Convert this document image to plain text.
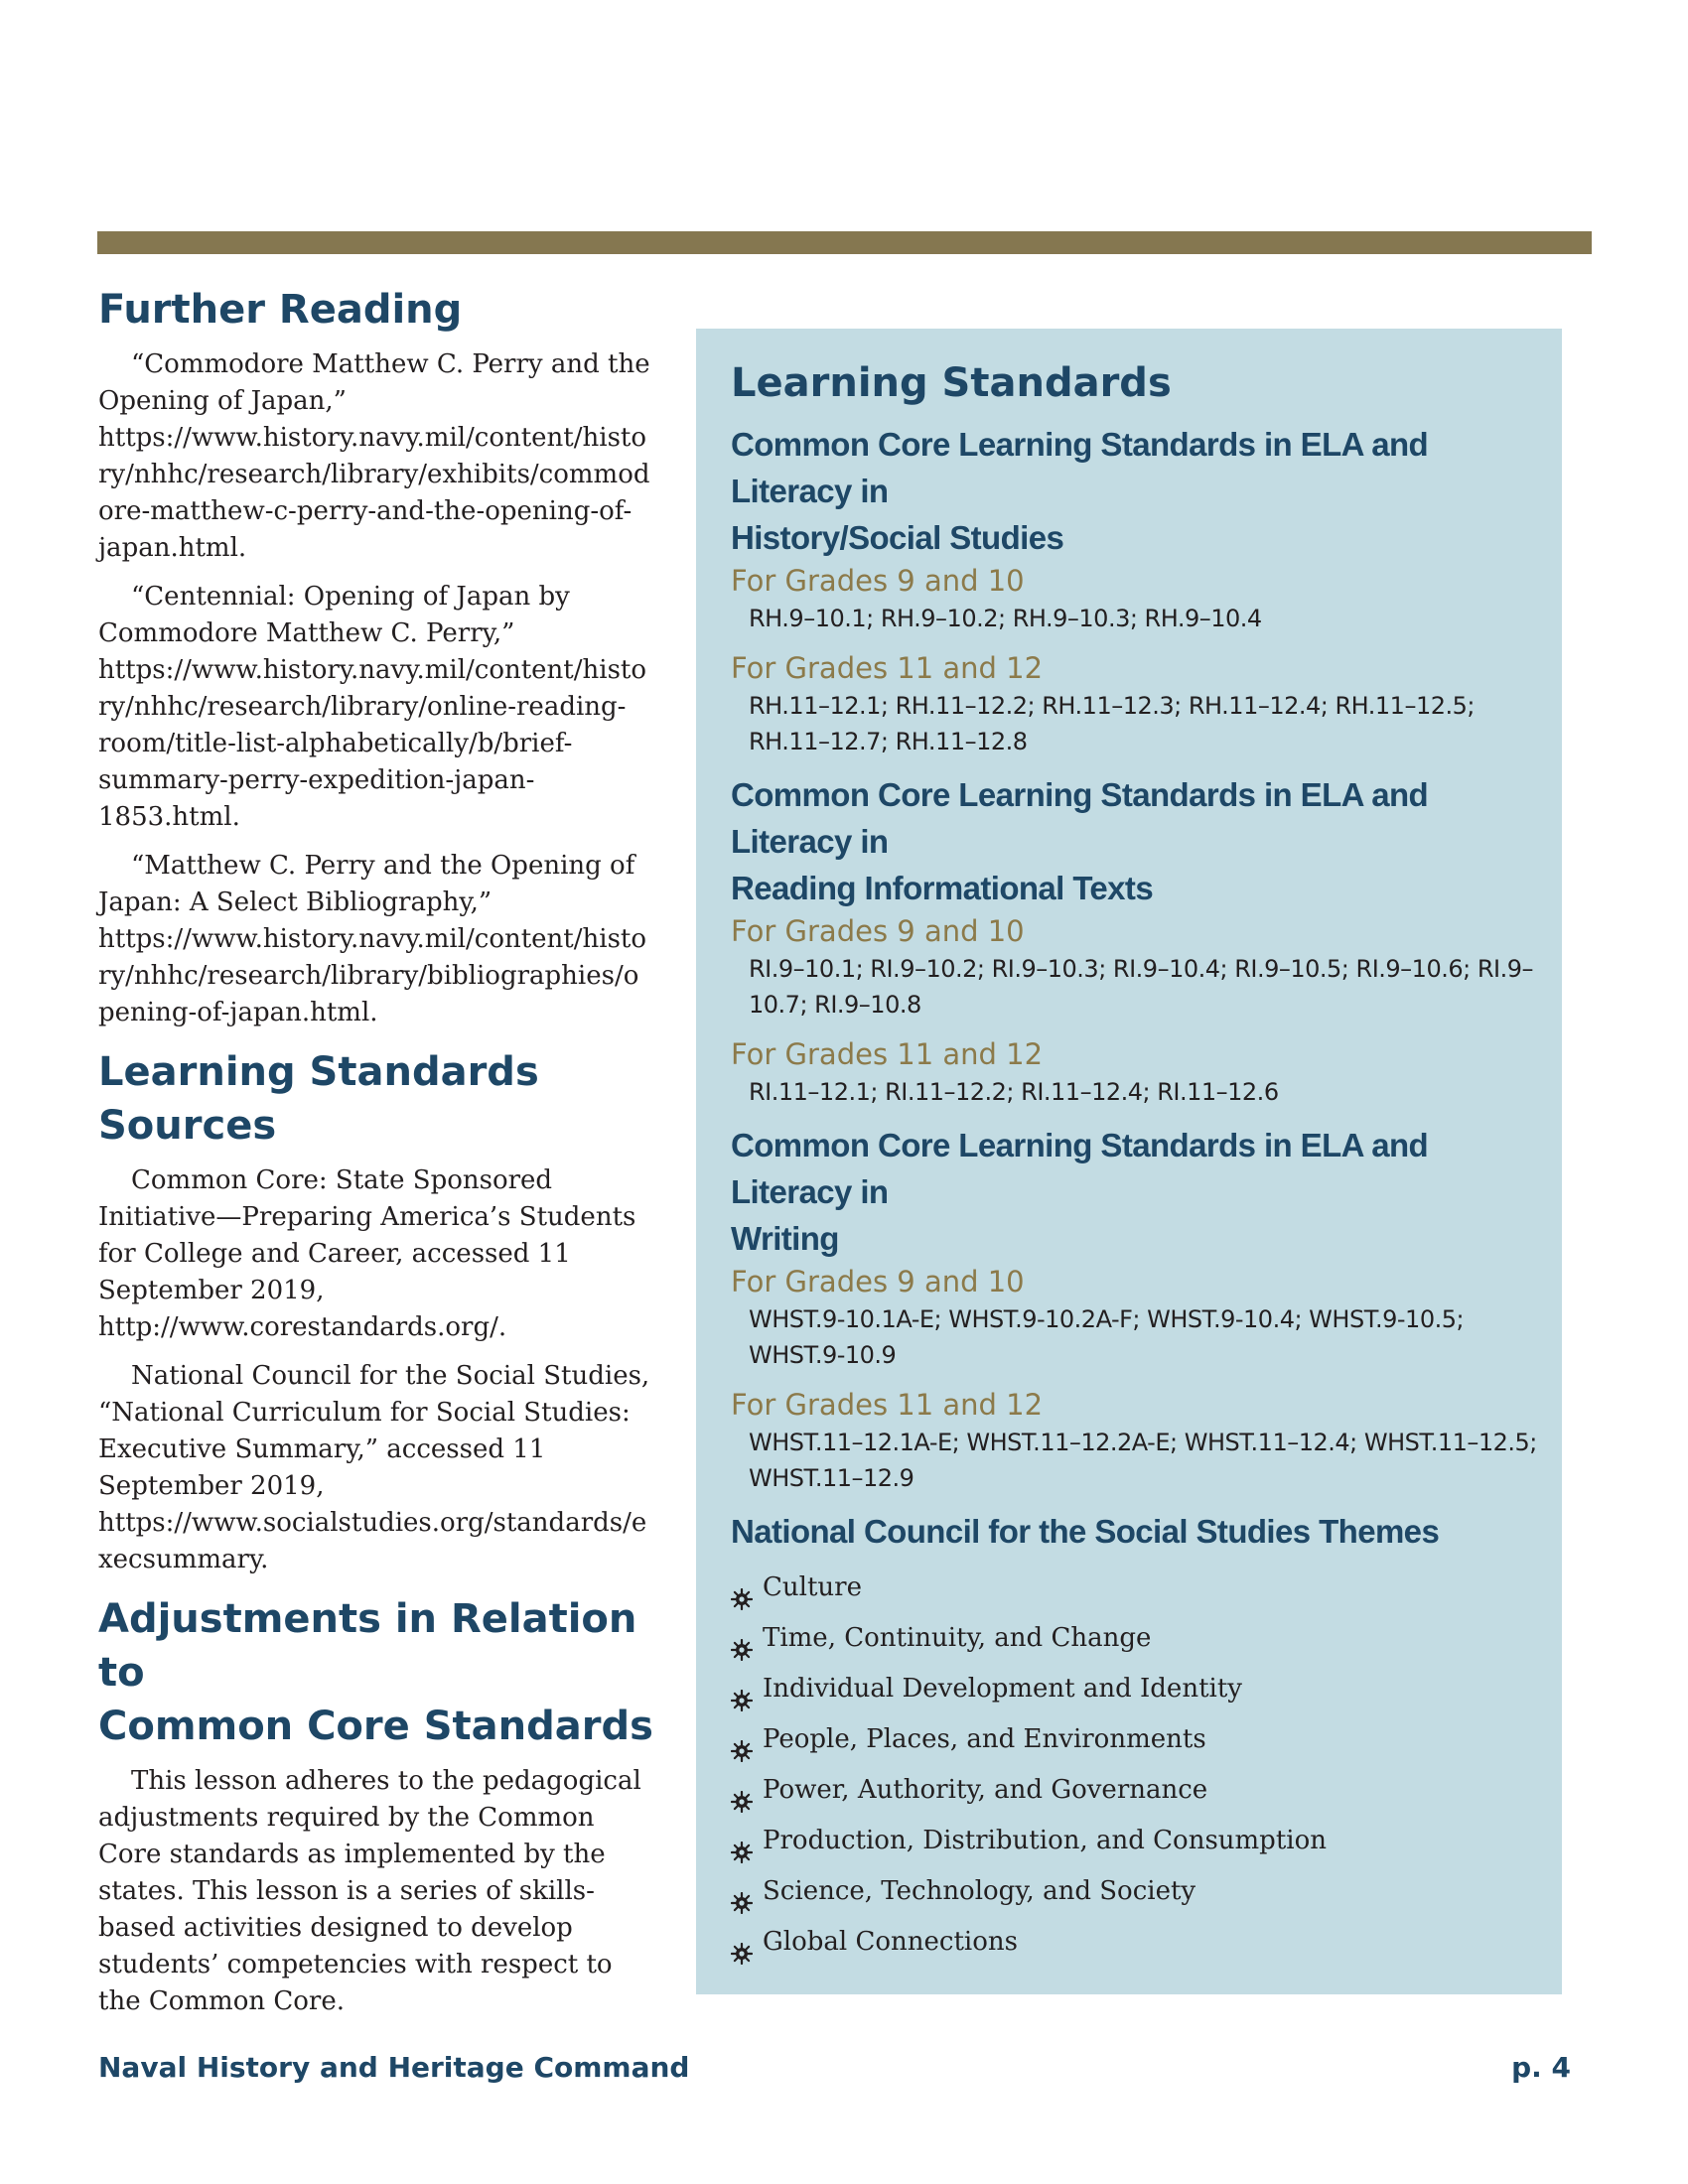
Further Reading

“Commodore Matthew C. Perry and the Opening of Japan,” https://www.history.navy.mil/content/history/nhhc/research/library/exhibits/commodore-matthew-c-perry-and-the-opening-of-japan.html.

“Centennial: Opening of Japan by Commodore Matthew C. Perry,” https://www.history.navy.mil/content/history/nhhc/research/library/online-reading-room/title-list-alphabetically/b/brief-summary-perry-expedition-japan-1853.html.

“Matthew C. Perry and the Opening of Japan: A Select Bibliography,” https://www.history.navy.mil/content/history/nhhc/research/library/bibliographies/opening-of-japan.html.

Learning Standards
Sources

Common Core: State Sponsored Initiative—Preparing America’s Students for College and Career, accessed 11 September 2019, http://www.corestandards.org/.

National Council for the Social Studies, “National Curriculum for Social Studies: Executive Summary,” accessed 11 September 2019, https://www.socialstudies.org/standards/execsummary.

Adjustments in Relation to
Common Core Standards

This lesson adheres to the pedagogical adjustments required by the Common Core standards as implemented by the states. This lesson is a series of skills-based activities designed to develop students’ competencies with respect to the Common Core.

Learning Standards

Common Core Learning Standards in ELA and Literacy in
History/Social Studies

For Grades 9 and 10

RH.9–10.1; RH.9–10.2; RH.9–10.3; RH.9–10.4

For Grades 11 and 12

RH.11–12.1; RH.11–12.2; RH.11–12.3; RH.11–12.4; RH.11–12.5; RH.11–12.7; RH.11–12.8

Common Core Learning Standards in ELA and Literacy in
Reading Informational Texts

For Grades 9 and 10

RI.9–10.1; RI.9–10.2; RI.9–10.3; RI.9–10.4; RI.9–10.5; RI.9–10.6; RI.9–10.7; RI.9–10.8

For Grades 11 and 12

RI.11–12.1; RI.11–12.2; RI.11–12.4; RI.11–12.6

Common Core Learning Standards in ELA and Literacy in
Writing

For Grades 9 and 10

WHST.9-10.1A-E; WHST.9-10.2A-F; WHST.9-10.4; WHST.9-10.5; WHST.9-10.9

For Grades 11 and 12

WHST.11–12.1A-E; WHST.11–12.2A-E; WHST.11–12.4; WHST.11–12.5; WHST.11–12.9

National Council for the Social Studies Themes

Culture
Time, Continuity, and Change
Individual Development and Identity
People, Places, and Environments
Power, Authority, and Governance
Production, Distribution, and Consumption
Science, Technology, and Society
Global Connections
Naval History and Heritage Command	p. 4
